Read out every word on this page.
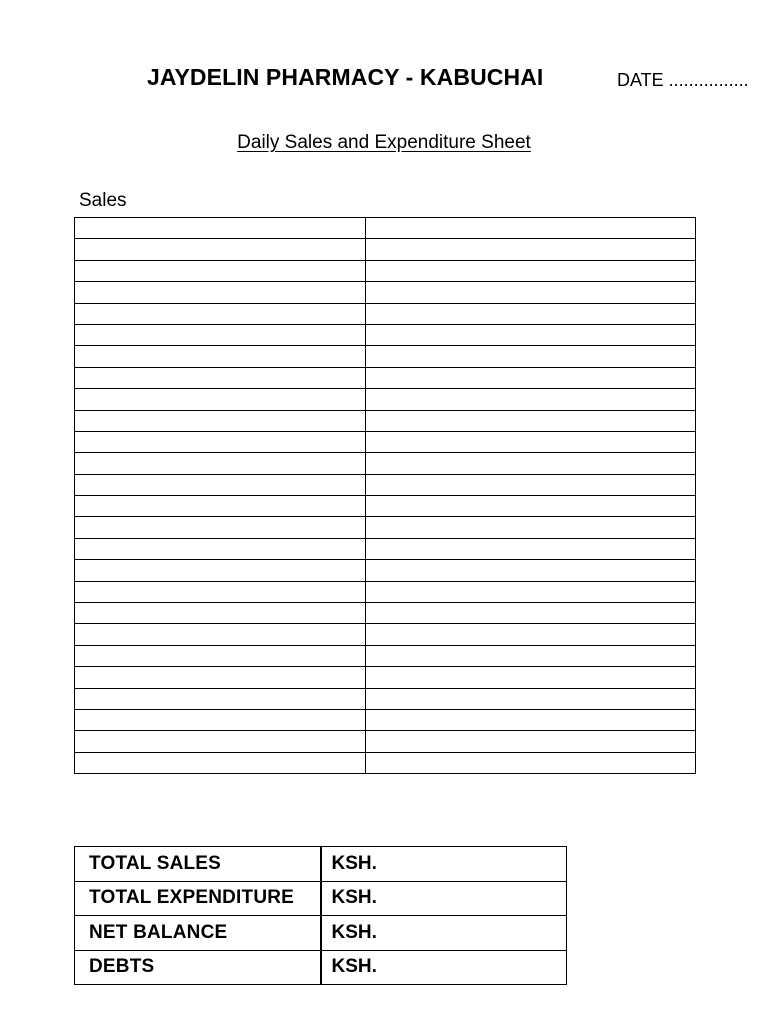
JAYDELIN PHARMACY - KABUCHAI	DATE ................
Daily Sales and Expenditure Sheet
Sales

TOTAL SALES	KSH.
TOTAL EXPENDITURE	KSH.
NET BALANCE	KSH.
DEBTS	KSH.
